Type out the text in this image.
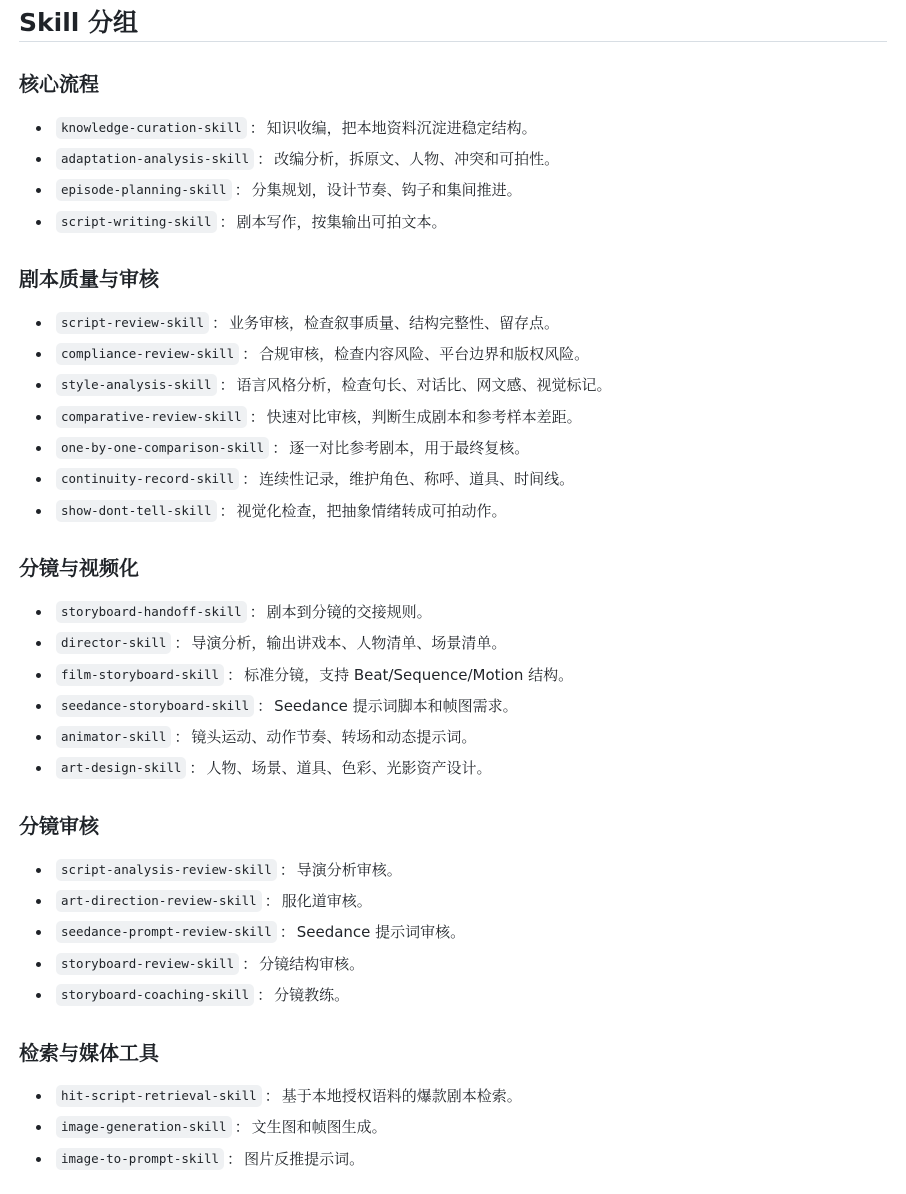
Skill 分组
核心流程
knowledge-curation-skill ： 知识收编，把本地资料沉淀进稳定结构。
adaptation-analysis-skill ： 改编分析，拆原文、人物、冲突和可拍性。
episode-planning-skill ： 分集规划，设计节奏、钩子和集间推进。
script-writing-skill ： 剧本写作，按集输出可拍文本。
剧本质量与审核
script-review-skill ： 业务审核，检查叙事质量、结构完整性、留存点。
compliance-review-skill ： 合规审核，检查内容风险、平台边界和版权风险。
style-analysis-skill ： 语言风格分析，检查句长、对话比、网文感、视觉标记。
comparative-review-skill ： 快速对比审核，判断生成剧本和参考样本差距。
one-by-one-comparison-skill ： 逐一对比参考剧本，用于最终复核。
continuity-record-skill ： 连续性记录，维护角色、称呼、道具、时间线。
show-dont-tell-skill ： 视觉化检查，把抽象情绪转成可拍动作。
分镜与视频化
storyboard-handoff-skill ： 剧本到分镜的交接规则。
director-skill ： 导演分析，输出讲戏本、人物清单、场景清单。
film-storyboard-skill ： 标准分镜，支持 Beat/Sequence/Motion 结构。
seedance-storyboard-skill ： Seedance 提示词脚本和帧图需求。
animator-skill ： 镜头运动、动作节奏、转场和动态提示词。
art-design-skill ： 人物、场景、道具、色彩、光影资产设计。
分镜审核
script-analysis-review-skill ： 导演分析审核。
art-direction-review-skill ： 服化道审核。
seedance-prompt-review-skill ： Seedance 提示词审核。
storyboard-review-skill ： 分镜结构审核。
storyboard-coaching-skill ： 分镜教练。
检索与媒体工具
hit-script-retrieval-skill ： 基于本地授权语料的爆款剧本检索。
image-generation-skill ： 文生图和帧图生成。
image-to-prompt-skill ： 图片反推提示词。
